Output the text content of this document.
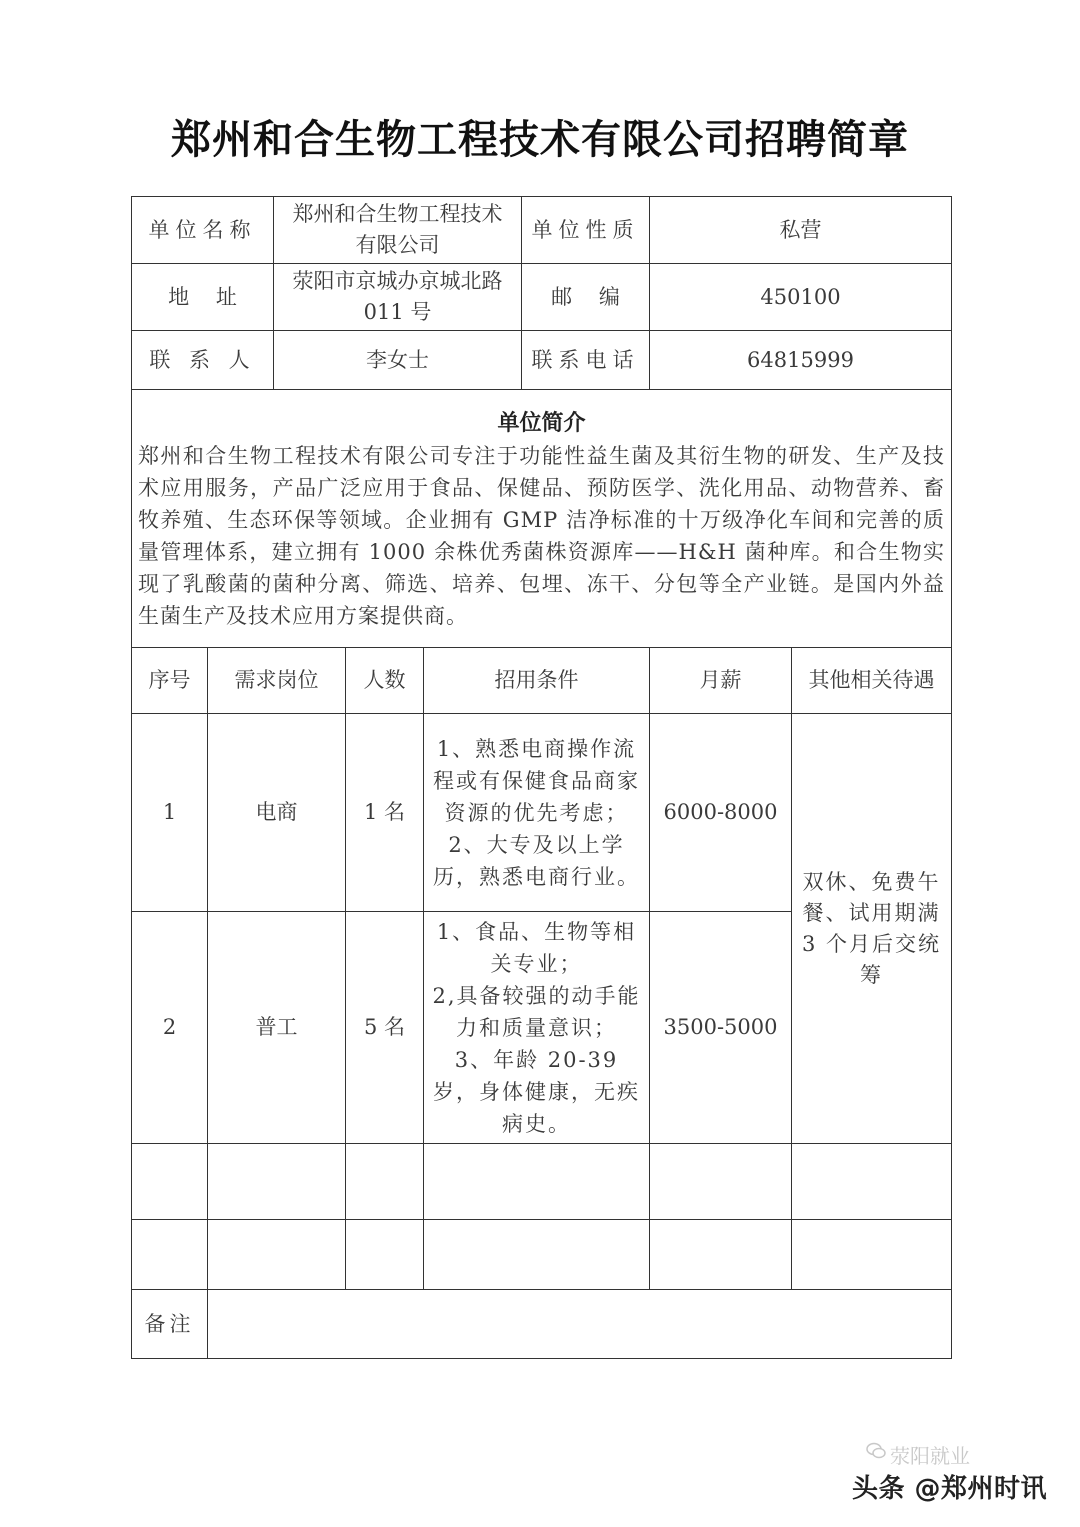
郑州和合生物工程技术有限公司招聘简章
单位名称		郑州和合生物工程技术
有限公司			单位性质	私营	
地    址		荥阳市京城办京城北路
011 号			邮    编	450100	
联 系 人		李女士			联系电话	64815999	

单位简介
郑州和合生物工程技术有限公司专注于功能性益生菌及其衍生物的研发、生产及技术应用服务，产品广泛应用于食品、保健品、预防医学、洗化用品、动物营养、畜牧养殖、生态环保等领域。企业拥有 GMP 洁净标准的十万级净化车间和完善的质量管理体系，建立拥有 1000 余株优秀菌株资源库——H&H 菌种库。和合生物实现了乳酸菌的菌种分离、筛选、培养、包埋、冻干、分包等全产业链。是国内外益生菌生产及技术应用方案提供商。							

序号	需求岗位		人数	招用条件		月薪	其他相关待遇
1	电商		1 名	1、熟悉电商操作流程或有保健食品商家资源的优先考虑；
2、大专及以上学历，熟悉电商行业。		6000-8000	双休、免费午餐、试用期满 3 个月后交统筹
2	普工		5 名	1、食品、生物等相关专业；
2,具备较强的动手能力和质量意识；
3、年龄 20-39 岁，身体健康，无疾病史。		3500-5000	

备注							
荥阳就业
头条 @郑州时讯
